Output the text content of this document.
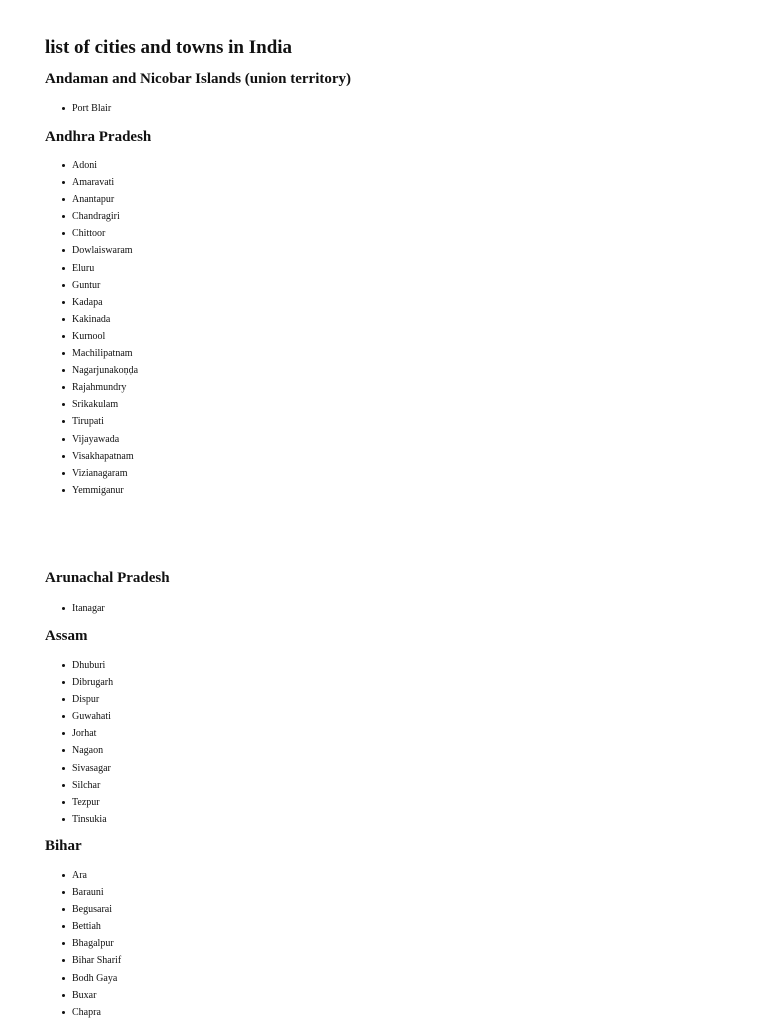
list of cities and towns in India
Andaman and Nicobar Islands (union territory)
Port Blair
Andhra Pradesh
Adoni
Amaravati
Anantapur
Chandragiri
Chittoor
Dowlaiswaram
Eluru
Guntur
Kadapa
Kakinada
Kurnool
Machilipatnam
Nagarjunakoṇḍa
Rajahmundry
Srikakulam
Tirupati
Vijayawada
Visakhapatnam
Vizianagaram
Yemmiganur
Arunachal Pradesh
Itanagar
Assam
Dhuburi
Dibrugarh
Dispur
Guwahati
Jorhat
Nagaon
Sivasagar
Silchar
Tezpur
Tinsukia
Bihar
Ara
Barauni
Begusarai
Bettiah
Bhagalpur
Bihar Sharif
Bodh Gaya
Buxar
Chapra
